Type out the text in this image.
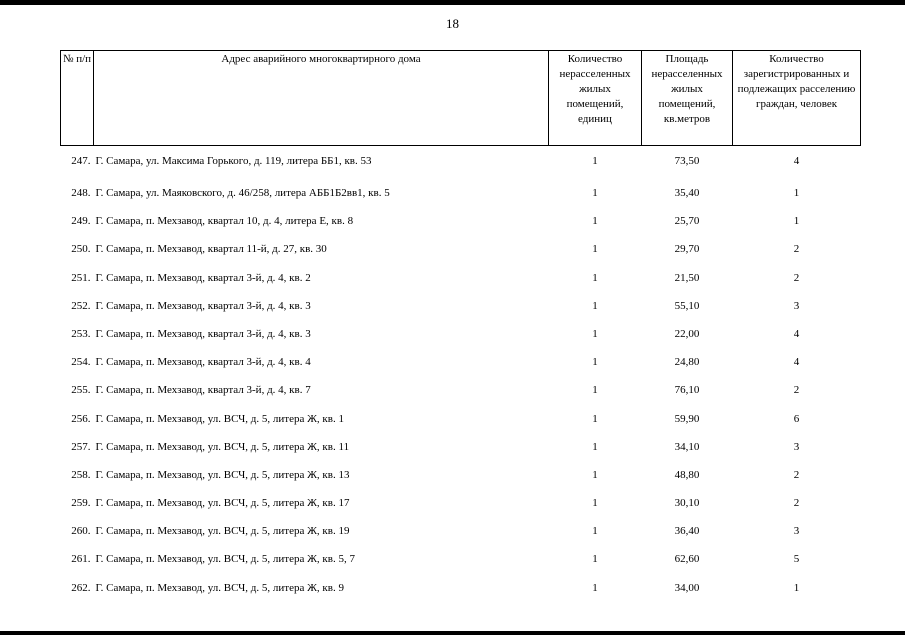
18
№ п/п	Адрес аварийного многоквартирного дома	Количество нерасселенных жилых помещений, единиц	Площадь нерасселенных жилых помещений, кв.метров	Количество зарегистрированных и подлежащих расселению граждан, человек
247.	Г. Самара, ул. Максима Горького, д. 119, литера ББ1, кв. 53	1	73,50	4
248.	Г. Самара, ул. Маяковского, д. 46/258, литера АББ1Б2вв1, кв. 5	1	35,40	1
249.	Г. Самара, п. Мехзавод, квартал 10, д. 4, литера Е, кв. 8	1	25,70	1
250.	Г. Самара, п. Мехзавод, квартал 11-й, д. 27, кв. 30	1	29,70	2
251.	Г. Самара, п. Мехзавод, квартал 3-й, д. 4, кв. 2	1	21,50	2
252.	Г. Самара, п. Мехзавод, квартал 3-й, д. 4, кв. 3	1	55,10	3
253.	Г. Самара, п. Мехзавод, квартал 3-й, д. 4, кв. 3	1	22,00	4
254.	Г. Самара, п. Мехзавод, квартал 3-й, д. 4, кв. 4	1	24,80	4
255.	Г. Самара, п. Мехзавод, квартал 3-й, д. 4, кв. 7	1	76,10	2
256.	Г. Самара, п. Мехзавод, ул. ВСЧ, д. 5, литера Ж, кв. 1	1	59,90	6
257.	Г. Самара, п. Мехзавод, ул. ВСЧ, д. 5, литера Ж, кв. 11	1	34,10	3
258.	Г. Самара, п. Мехзавод, ул. ВСЧ, д. 5, литера Ж, кв. 13	1	48,80	2
259.	Г. Самара, п. Мехзавод, ул. ВСЧ, д. 5, литера Ж, кв. 17	1	30,10	2
260.	Г. Самара, п. Мехзавод, ул. ВСЧ, д. 5, литера Ж, кв. 19	1	36,40	3
261.	Г. Самара, п. Мехзавод, ул. ВСЧ, д. 5, литера Ж, кв. 5, 7	1	62,60	5
262.	Г. Самара, п. Мехзавод, ул. ВСЧ, д. 5, литера Ж, кв. 9	1	34,00	1
